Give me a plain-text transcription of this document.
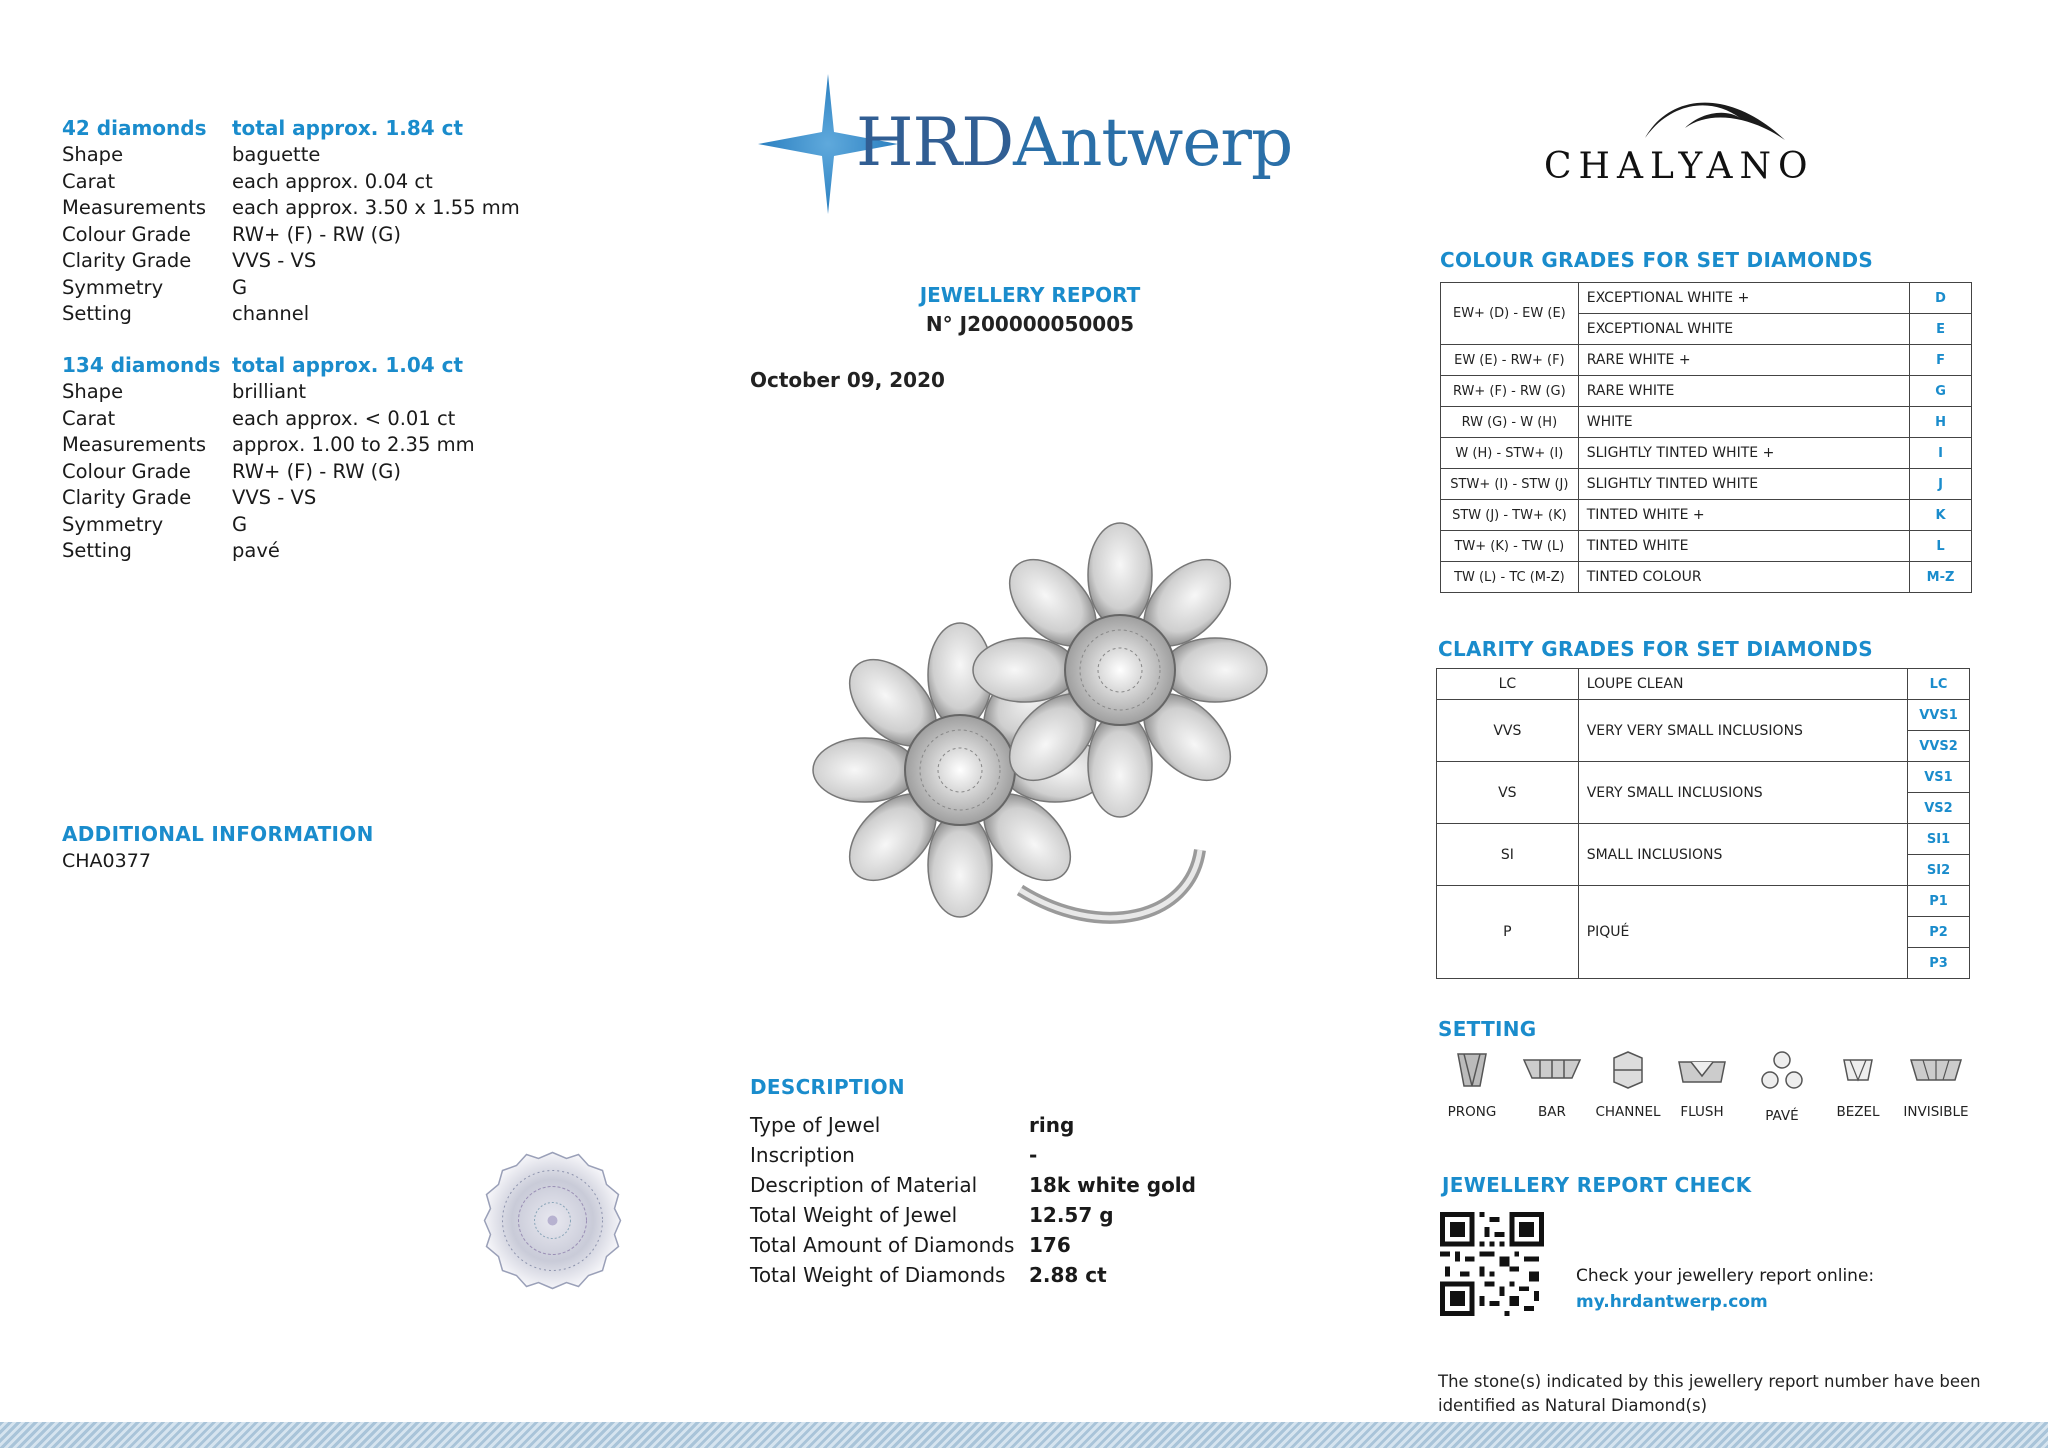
42 diamonds	total approx. 1.84 ct
Shape	baguette
Carat	each approx. 0.04 ct
Measurements	each approx. 3.50 x 1.55 mm
Colour Grade	RW+ (F) - RW (G)
Clarity Grade	VVS - VS
Symmetry	G
Setting	channel
134 diamonds total approx. 1.04 ct
Shape	brilliant
Carat	each approx. < 0.01 ct
Measurements	approx. 1.00 to 2.35 mm
Colour Grade	RW+ (F) - RW (G)
Clarity Grade	VVS - VS
Symmetry	G
Setting	pavé
ADDITIONAL INFORMATION
CHA0377
HRDAntwerp
JEWELLERY REPORT
N° J200000050005
October 09, 2020
DESCRIPTION
Type of Jewel	ring
Inscription	-
Description of Material	18k white gold
Total Weight of Jewel	12.57 g
Total Amount of Diamonds 176
Total Weight of Diamonds	2.88 ct
CHALYANO
COLOUR GRADES FOR SET DIAMONDS
EW+ (D) - EW (E)	EXCEPTIONAL WHITE +	D
	EXCEPTIONAL WHITE	E
EW (E) - RW+ (F)	RARE WHITE +	F
RW+ (F) - RW (G)	RARE WHITE	G
RW (G) - W (H)	WHITE	H
W (H) - STW+ (I)	SLIGHTLY TINTED WHITE +	I
STW+ (I) - STW (J)	SLIGHTLY TINTED WHITE	J
STW (J) - TW+ (K)	TINTED WHITE +	K
TW+ (K) - TW (L)	TINTED WHITE	L
TW (L) - TC (M-Z)	TINTED COLOUR	M-Z
CLARITY GRADES FOR SET DIAMONDS
LC	LOUPE CLEAN	LC
VVS	VERY VERY SMALL INCLUSIONS	VVS1
		VVS2
VS	VERY SMALL INCLUSIONS	VS1
		VS2
SI	SMALL INCLUSIONS	SI1
		SI2
P	PIQUÉ	P1
		P2
		P3
SETTING
PRONG	BAR	CHANNEL	FLUSH	PAVÉ	BEZEL	INVISIBLE
JEWELLERY REPORT CHECK
Check your jewellery report online:
my.hrdantwerp.com
The stone(s) indicated by this jewellery report number have been
identified as Natural Diamond(s)
